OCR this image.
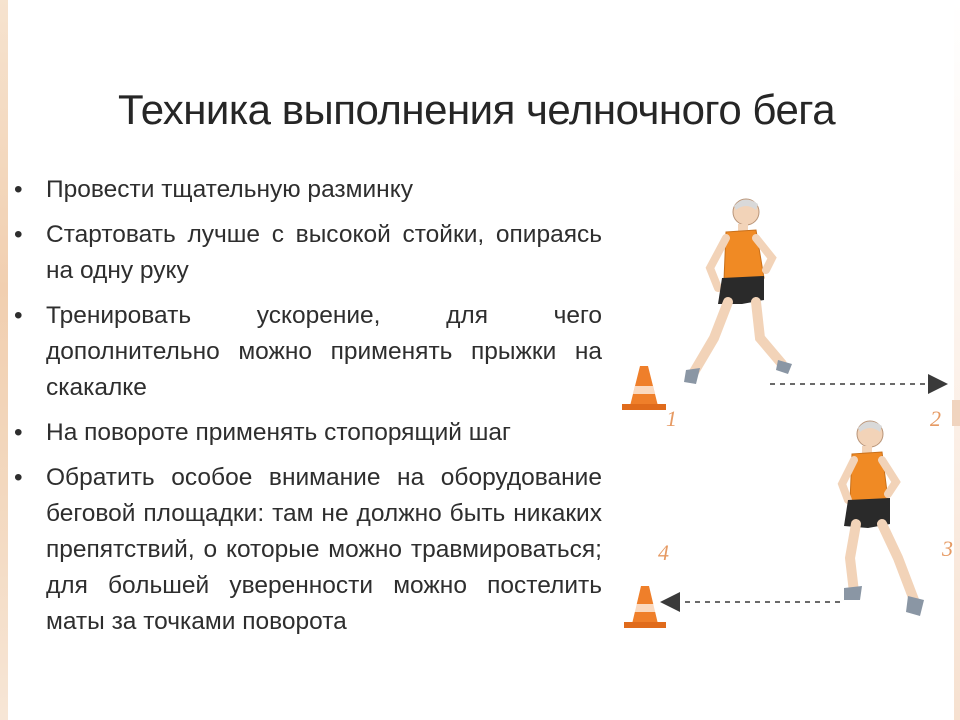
Техника выполнения челночного бега
• Провести тщательную разминку
• Стартовать лучше с высокой стойки, опираясь на одну руку
• Тренировать ускорение, для чего дополнительно можно применять прыжки на скакалке
• На повороте применять стопорящий шаг
• Обратить особое внимание на оборудование беговой площадки: там не должно быть никаких препятствий, о которые можно травмироваться; для большей уверенности можно постелить маты за точками поворота
1	2
3
4
